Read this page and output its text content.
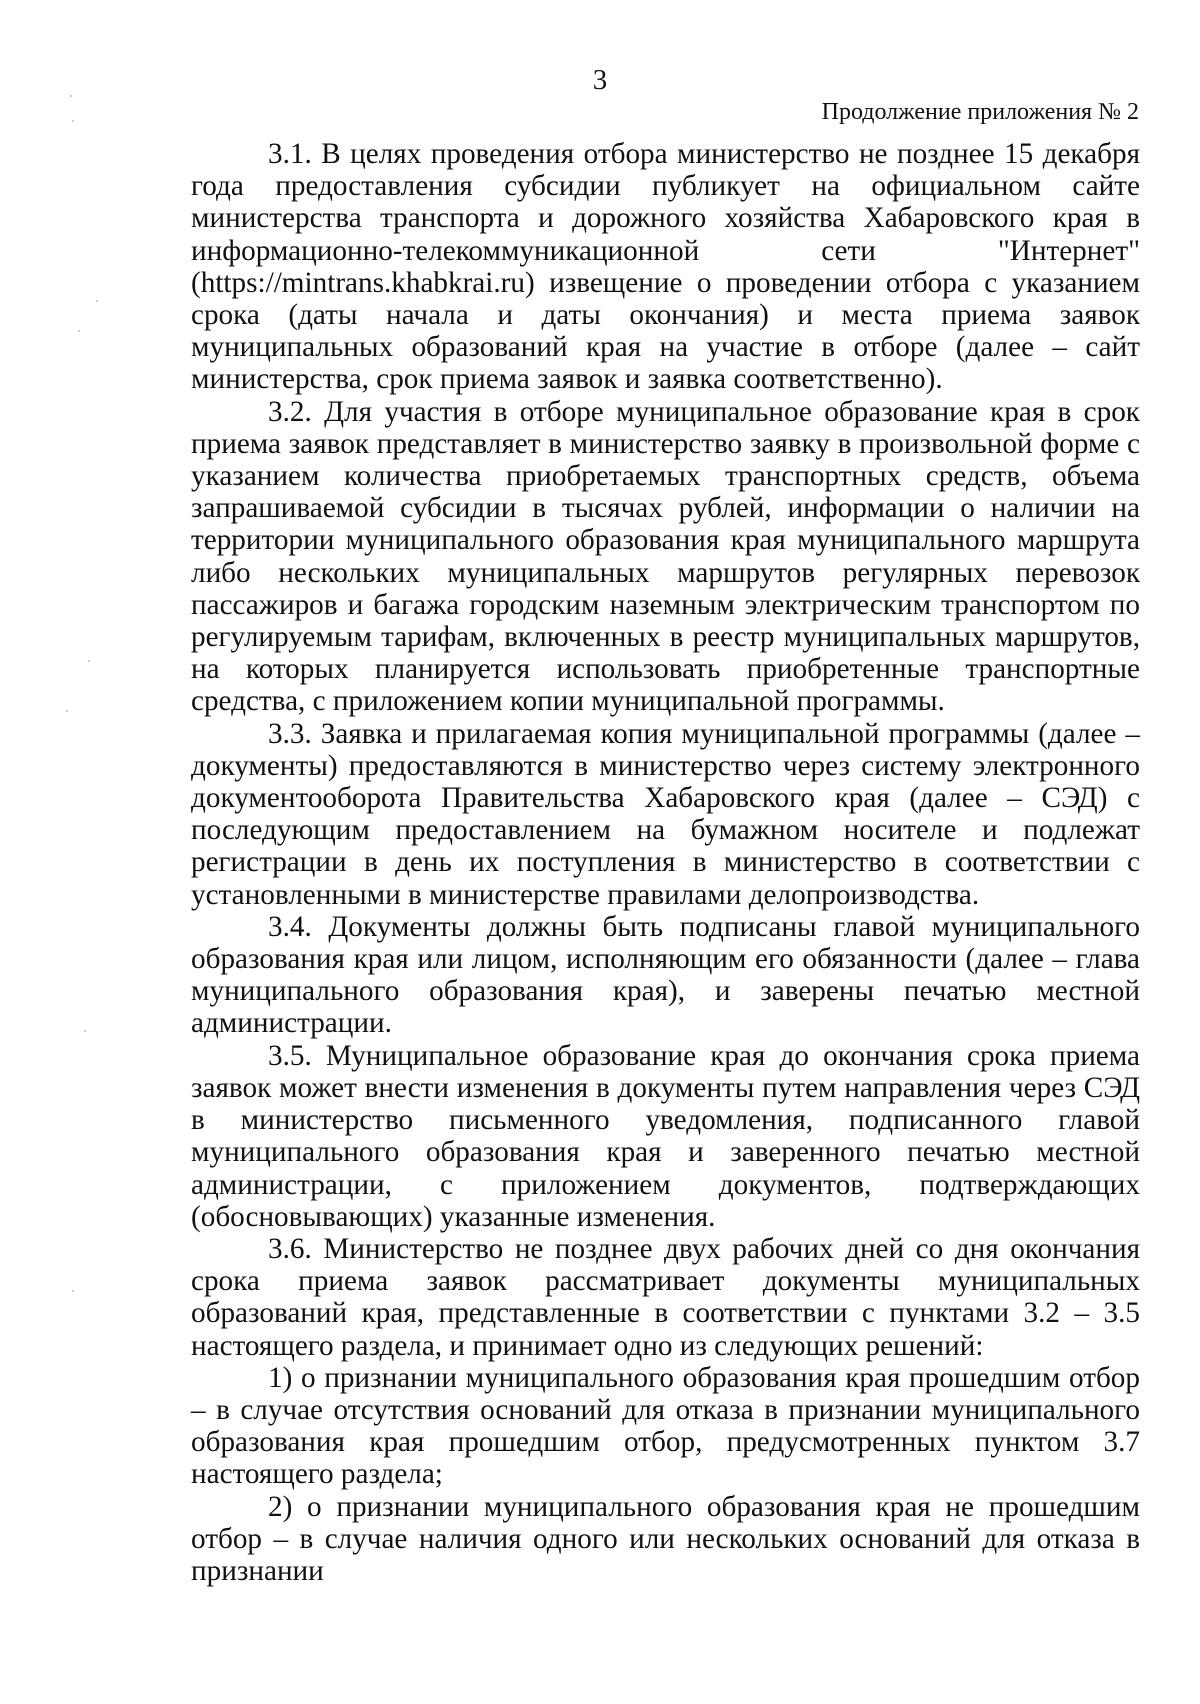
3
Продолжение приложения № 2

3.1. В целях проведения отбора министерство не позднее 15 декабря года предоставления субсидии публикует на официальном сайте министерства транспорта и дорожного хозяйства Хабаровского края в информационно-телекоммуникационной сети "Интернет" (https://mintrans.khabkrai.ru) извещение о проведении отбора с указанием срока (даты начала и даты окончания) и места приема заявок муниципальных образований края на участие в отборе (далее – сайт министерства, срок приема заявок и заявка соответственно).

3.2. Для участия в отборе муниципальное образование края в срок приема заявок представляет в министерство заявку в произвольной форме с указанием количества приобретаемых транспортных средств, объема запрашиваемой субсидии в тысячах рублей, информации о наличии на территории муниципального образования края муниципального маршрута либо нескольких муниципальных маршрутов регулярных перевозок пассажиров и багажа городским наземным электрическим транспортом по регулируемым тарифам, включенных в реестр муниципальных маршрутов, на которых планируется использовать приобретенные транспортные средства, с приложением копии муниципальной программы.

3.3. Заявка и прилагаемая копия муниципальной программы (далее – документы) предоставляются в министерство через систему электронного документооборота Правительства Хабаровского края (далее – СЭД) с последующим предоставлением на бумажном носителе и подлежат регистрации в день их поступления в министерство в соответствии с установленными в министерстве правилами делопроизводства.

3.4. Документы должны быть подписаны главой муниципального образования края или лицом, исполняющим его обязанности (далее – глава муниципального образования края), и заверены печатью местной администрации.

3.5. Муниципальное образование края до окончания срока приема заявок может внести изменения в документы путем направления через СЭД в министерство письменного уведомления, подписанного главой муниципального образования края и заверенного печатью местной администрации, с приложением документов, подтверждающих (обосновывающих) указанные изменения.

3.6. Министерство не позднее двух рабочих дней со дня окончания срока приема заявок рассматривает документы муниципальных образований края, представленные в соответствии с пунктами 3.2 – 3.5 настоящего раздела, и принимает одно из следующих решений:

1) о признании муниципального образования края прошедшим отбор – в случае отсутствия оснований для отказа в признании муниципального образования края прошедшим отбор, предусмотренных пунктом 3.7 настоящего раздела;

2) о признании муниципального образования края не прошедшим отбор – в случае наличия одного или нескольких оснований для отказа в признании
